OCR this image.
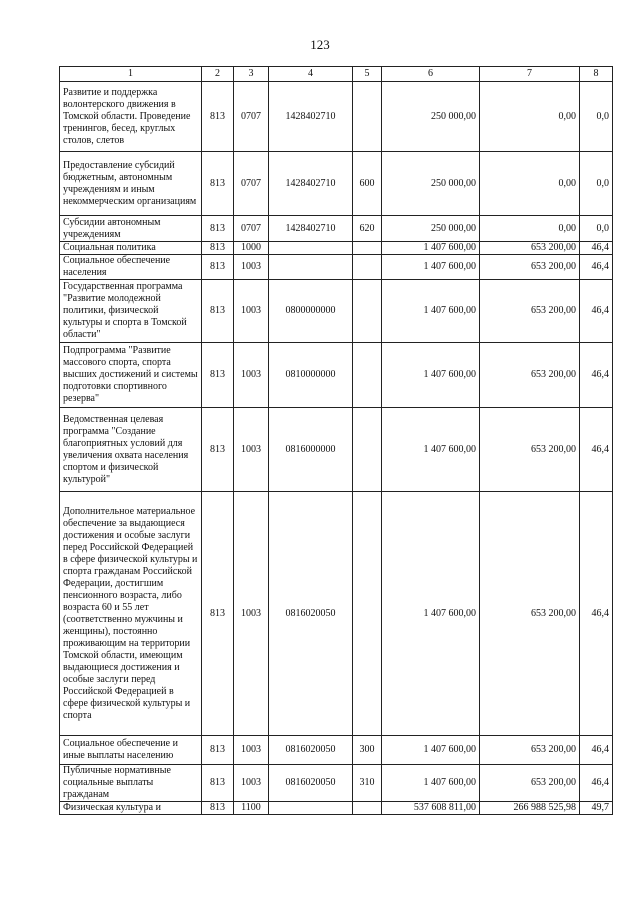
123
1	2	3	4	5	6	7	8
Развитие и поддержка волонтерского движения в Томской области. Проведение тренингов, бесед, круглых столов, слетов	813	0707	1428402710		250 000,00	0,00	0,0
Предоставление субсидий бюджетным, автономным учреждениям и иным некоммерческим организациям	813	0707	1428402710	600	250 000,00	0,00	0,0
Субсидии автономным учреждениям	813	0707	1428402710	620	250 000,00	0,00	0,0
Социальная политика	813	1000			1 407 600,00	653 200,00	46,4
Социальное обеспечение населения	813	1003			1 407 600,00	653 200,00	46,4
Государственная программа "Развитие молодежной политики, физической культуры и спорта в Томской области"	813	1003	0800000000		1 407 600,00	653 200,00	46,4
Подпрограмма "Развитие массового спорта, спорта высших достижений и системы подготовки спортивного резерва"	813	1003	0810000000		1 407 600,00	653 200,00	46,4
Ведомственная целевая программа "Создание благоприятных условий для увеличения охвата населения спортом и физической культурой"	813	1003	0816000000		1 407 600,00	653 200,00	46,4
Дополнительное материальное обеспечение за выдающиеся достижения и особые заслуги перед Российской Федерацией в сфере физической культуры и спорта гражданам Российской Федерации, достигшим пенсионного возраста, либо возраста 60 и 55 лет (соответственно мужчины и женщины), постоянно проживающим на территории Томской области, имеющим выдающиеся достижения и особые заслуги перед Российской Федерацией в сфере физической культуры и спорта	813	1003	0816020050		1 407 600,00	653 200,00	46,4
Социальное обеспечение и иные выплаты населению	813	1003	0816020050	300	1 407 600,00	653 200,00	46,4
Публичные нормативные социальные выплаты гражданам	813	1003	0816020050	310	1 407 600,00	653 200,00	46,4
Физическая культура и	813	1100			537 608 811,00	266 988 525,98	49,7
